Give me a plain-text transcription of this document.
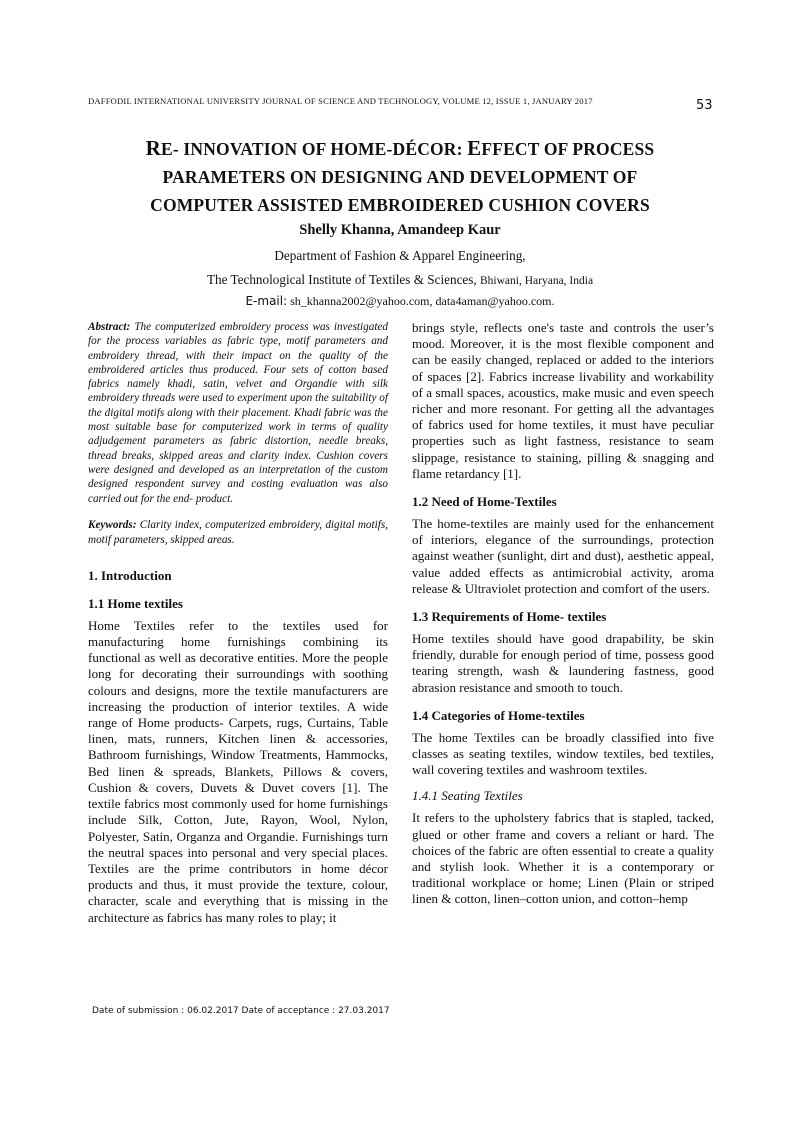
DAFFODIL INTERNATIONAL UNIVERSITY JOURNAL OF SCIENCE AND TECHNOLOGY, VOLUME 12, ISSUE 1, JANUARY 2017	53
RE- INNOVATION OF HOME-DÉCOR: EFFECT OF PROCESS
PARAMETERS ON DESIGNING AND DEVELOPMENT OF
COMPUTER ASSISTED EMBROIDERED CUSHION COVERS
Shelly Khanna, Amandeep Kaur
Department of Fashion & Apparel Engineering,
The Technological Institute of Textiles & Sciences, Bhiwani, Haryana, India
E-mail: sh_khanna2002@yahoo.com, data4aman@yahoo.com.

Abstract: The computerized embroidery process was investigated for the process variables as fabric type, motif parameters and embroidery thread, with their impact on the quality of the embroidered articles thus produced. Four sets of cotton based fabrics namely khadi, satin, velvet and Organdie with silk embroidery threads were used to experiment upon the suitability of the digital motifs along with their placement. Khadi fabric was the most suitable base for computerized work in terms of quality adjudgement parameters as fabric distortion, needle breaks, thread breaks, skipped areas and clarity index. Cushion covers were designed and developed as an interpretation of the custom designed respondent survey and costing evaluation was also carried out for the end- product.

Keywords: Clarity index, computerized embroidery, digital motifs, motif parameters, skipped areas.

1. Introduction
1.1 Home textiles

Home Textiles refer to the textiles used for manufacturing home furnishings combining its functional as well as decorative entities. More the people long for decorating their surroundings with soothing colours and designs, more the textile manufacturers are increasing the production of interior textiles. A wide range of Home products- Carpets, rugs, Curtains, Table linen, mats, runners, Kitchen linen & accessories, Bathroom furnishings, Window Treatments, Hammocks, Bed linen & spreads, Blankets, Pillows & covers, Cushion & covers, Duvets & Duvet covers [1]. The textile fabrics most commonly used for home furnishings include Silk, Cotton, Jute, Rayon, Wool, Nylon, Polyester, Satin, Organza and Organdie. Furnishings turn the neutral spaces into personal and very special places. Textiles are the prime contributors in home décor products and thus, it must provide the texture, colour, character, scale and everything that is missing in the architecture as fabrics has many roles to play; it

brings style, reflects one's taste and controls the user’s mood. Moreover, it is the most flexible component and can be easily changed, replaced or added to the interiors of spaces [2]. Fabrics increase livability and workability of a small spaces, acoustics, make music and even speech richer and more resonant. For getting all the advantages of fabrics used for home textiles, it must have peculiar properties such as light fastness, resistance to seam slippage, resistance to staining, pilling & snagging and flame retardancy [1].

1.2 Need of Home-Textiles

The home-textiles are mainly used for the enhancement of interiors, elegance of the surroundings, protection against weather (sunlight, dirt and dust), aesthetic appeal, value added effects as antimicrobial activity, aroma release & Ultraviolet protection and comfort of the users.

1.3 Requirements of Home- textiles

Home textiles should have good drapability, be skin friendly, durable for enough period of time, possess good tearing strength, wash & laundering fastness, good abrasion resistance and smooth to touch.

1.4 Categories of Home-textiles

The home Textiles can be broadly classified into five classes as seating textiles, window textiles, bed textiles, wall covering textiles and washroom textiles.

1.4.1 Seating Textiles

It refers to the upholstery fabrics that is stapled, tacked, glued or other frame and covers a reliant or hard. The choices of the fabric are often essential to create a quality and stylish look. Whether it is a contemporary or traditional workplace or home; Linen (Plain or striped linen & cotton, linen–cotton union, and cotton–hemp

Date of submission : 06.02.2017 Date of acceptance : 27.03.2017
